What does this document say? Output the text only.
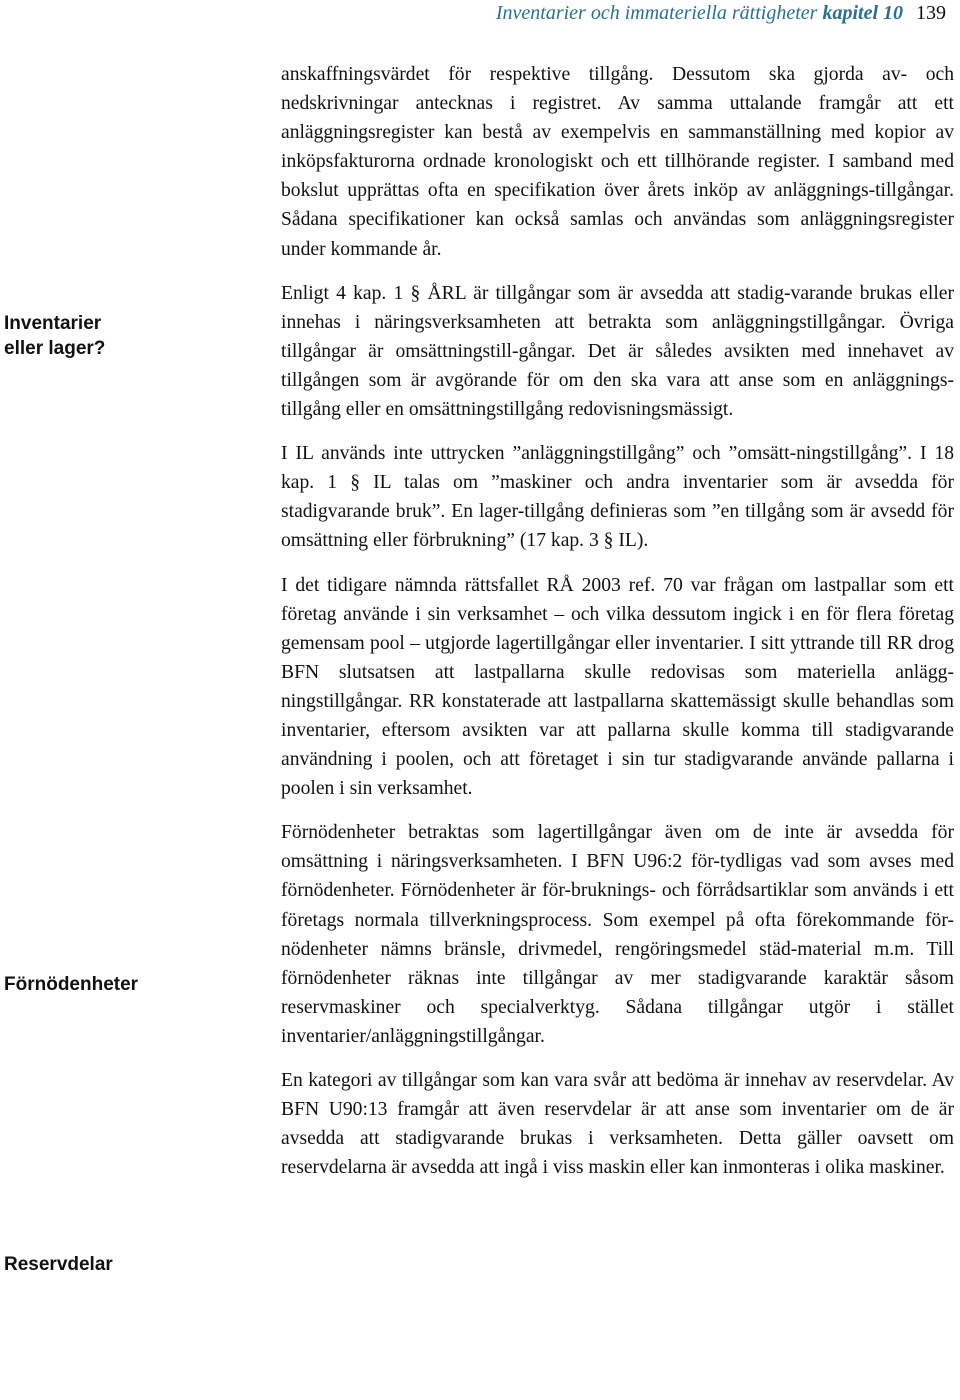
Inventarier och immateriella rättigheter kapitel 10 139
Inventarier
eller lager?
Förnödenheter
Reservdelar

anskaffningsvärdet för respektive tillgång. Dessutom ska gjorda av- och nedskrivningar antecknas i registret. Av samma uttalande framgår att ett anläggningsregister kan bestå av exempelvis en sammanställning med kopior av inköpsfakturorna ordnade kronologiskt och ett tillhörande register. I samband med bokslut upprättas ofta en specifikation över årets inköp av anläggnings-tillgångar. Sådana specifikationer kan också samlas och användas som anläggningsregister under kommande år.

Enligt 4 kap. 1 § ÅRL är tillgångar som är avsedda att stadig-varande brukas eller innehas i näringsverksamheten att betrakta som anläggningstillgångar. Övriga tillgångar är omsättningstill-gångar. Det är således avsikten med innehavet av tillgången som är avgörande för om den ska vara att anse som en anläggnings-tillgång eller en omsättningstillgång redovisningsmässigt.

I IL används inte uttrycken ”anläggningstillgång” och ”omsätt-ningstillgång”. I 18 kap. 1 § IL talas om ”maskiner och andra inventarier som är avsedda för stadigvarande bruk”. En lager-tillgång definieras som ”en tillgång som är avsedd för omsättning eller förbrukning” (17 kap. 3 § IL).

I det tidigare nämnda rättsfallet RÅ 2003 ref. 70 var frågan om lastpallar som ett företag använde i sin verksamhet – och vilka dessutom ingick i en för flera företag gemensam pool – utgjorde lagertillgångar eller inventarier. I sitt yttrande till RR drog BFN slutsatsen att lastpallarna skulle redovisas som materiella anlägg-ningstillgångar. RR konstaterade att lastpallarna skattemässigt skulle behandlas som inventarier, eftersom avsikten var att pallarna skulle komma till stadigvarande användning i poolen, och att företaget i sin tur stadigvarande använde pallarna i poolen i sin verksamhet.

Förnödenheter betraktas som lagertillgångar även om de inte är avsedda för omsättning i näringsverksamheten. I BFN U96:2 för-tydligas vad som avses med förnödenheter. Förnödenheter är för-bruknings- och förrådsartiklar som används i ett företags normala tillverkningsprocess. Som exempel på ofta förekommande för-nödenheter nämns bränsle, drivmedel, rengöringsmedel städ-material m.m. Till förnödenheter räknas inte tillgångar av mer stadigvarande karaktär såsom reservmaskiner och specialverktyg. Sådana tillgångar utgör i stället inventarier/anläggningstillgångar.

En kategori av tillgångar som kan vara svår att bedöma är innehav av reservdelar. Av BFN U90:13 framgår att även reservdelar är att anse som inventarier om de är avsedda att stadigvarande brukas i verksamheten. Detta gäller oavsett om reservdelarna är avsedda att ingå i viss maskin eller kan inmonteras i olika maskiner.
